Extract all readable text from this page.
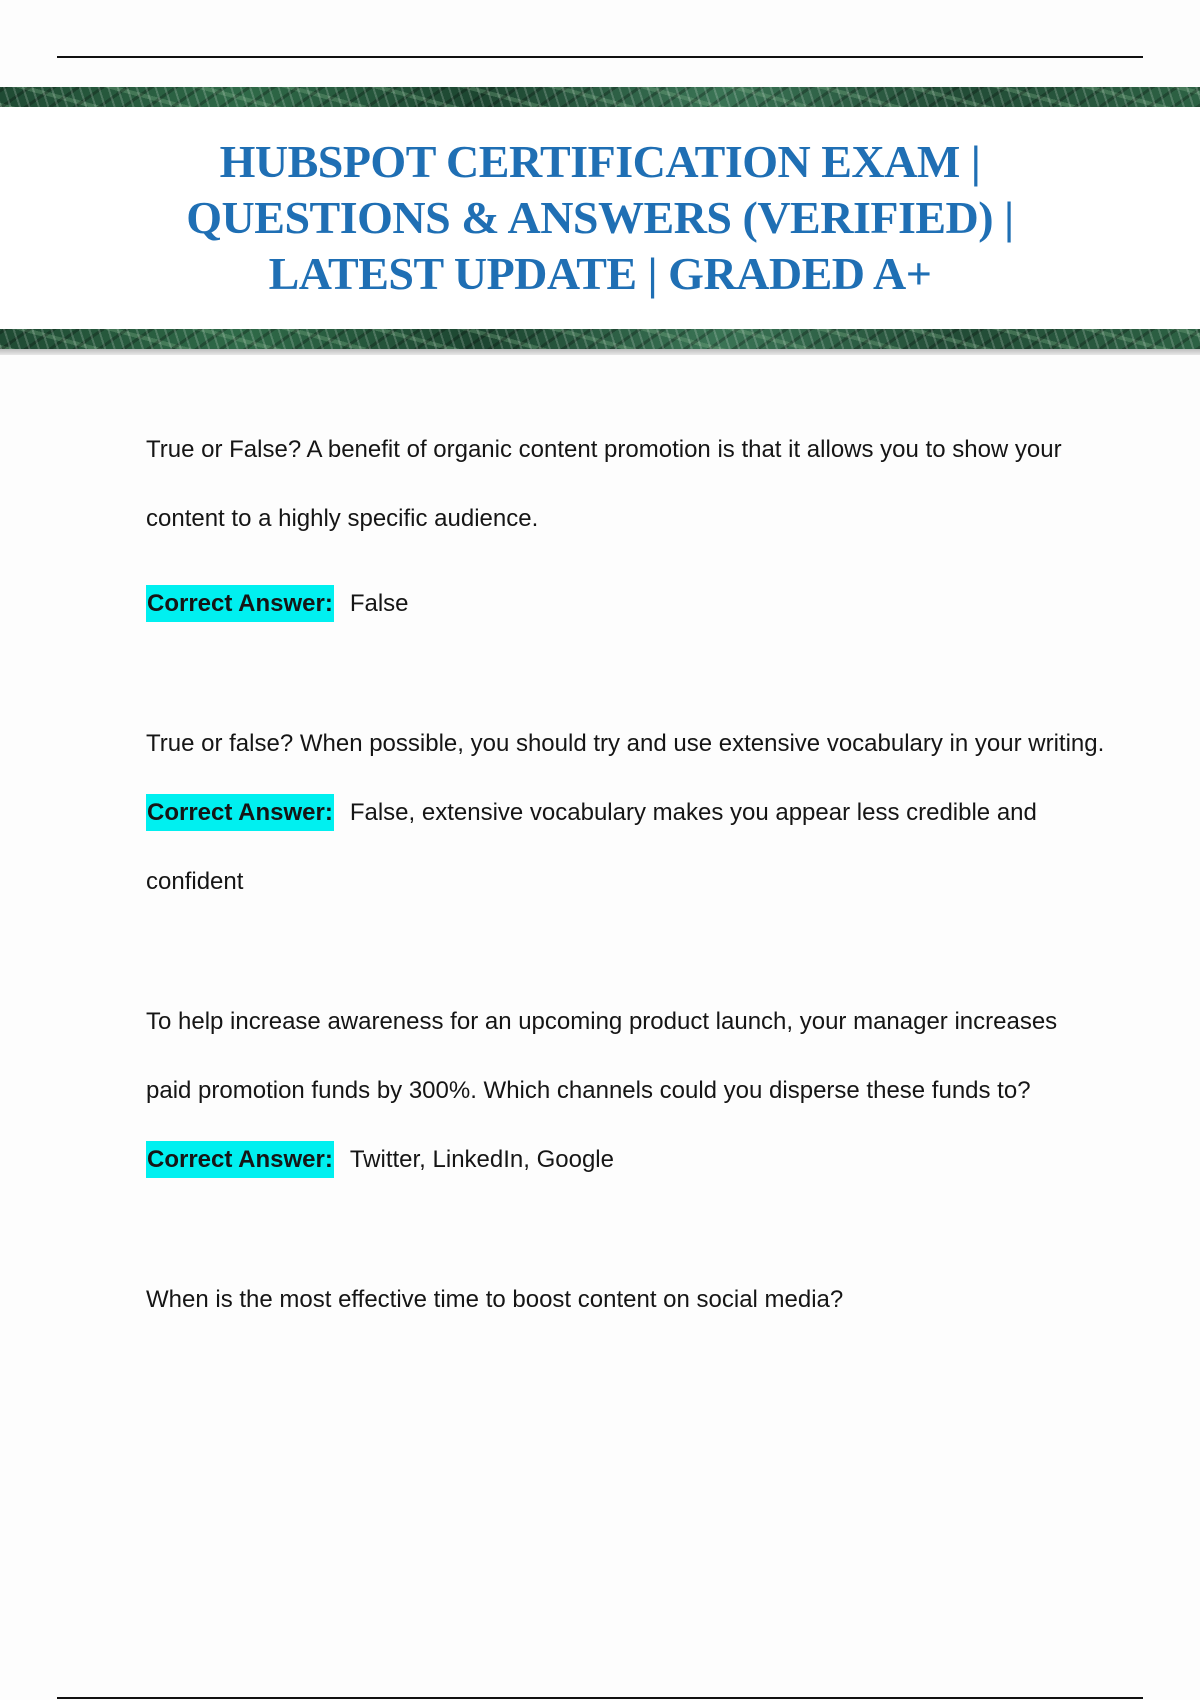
HUBSPOT CERTIFICATION EXAM | QUESTIONS & ANSWERS (VERIFIED) | LATEST UPDATE | GRADED A+

True or False? A benefit of organic content promotion is that it allows you to show your content to a highly specific audience.

Correct Answer: False

True or false? When possible, you should try and use extensive vocabulary in your writing.

Correct Answer: False, extensive vocabulary makes you appear less credible and confident

To help increase awareness for an upcoming product launch, your manager increases paid promotion funds by 300%. Which channels could you disperse these funds to?

Correct Answer: Twitter, LinkedIn, Google

When is the most effective time to boost content on social media?
